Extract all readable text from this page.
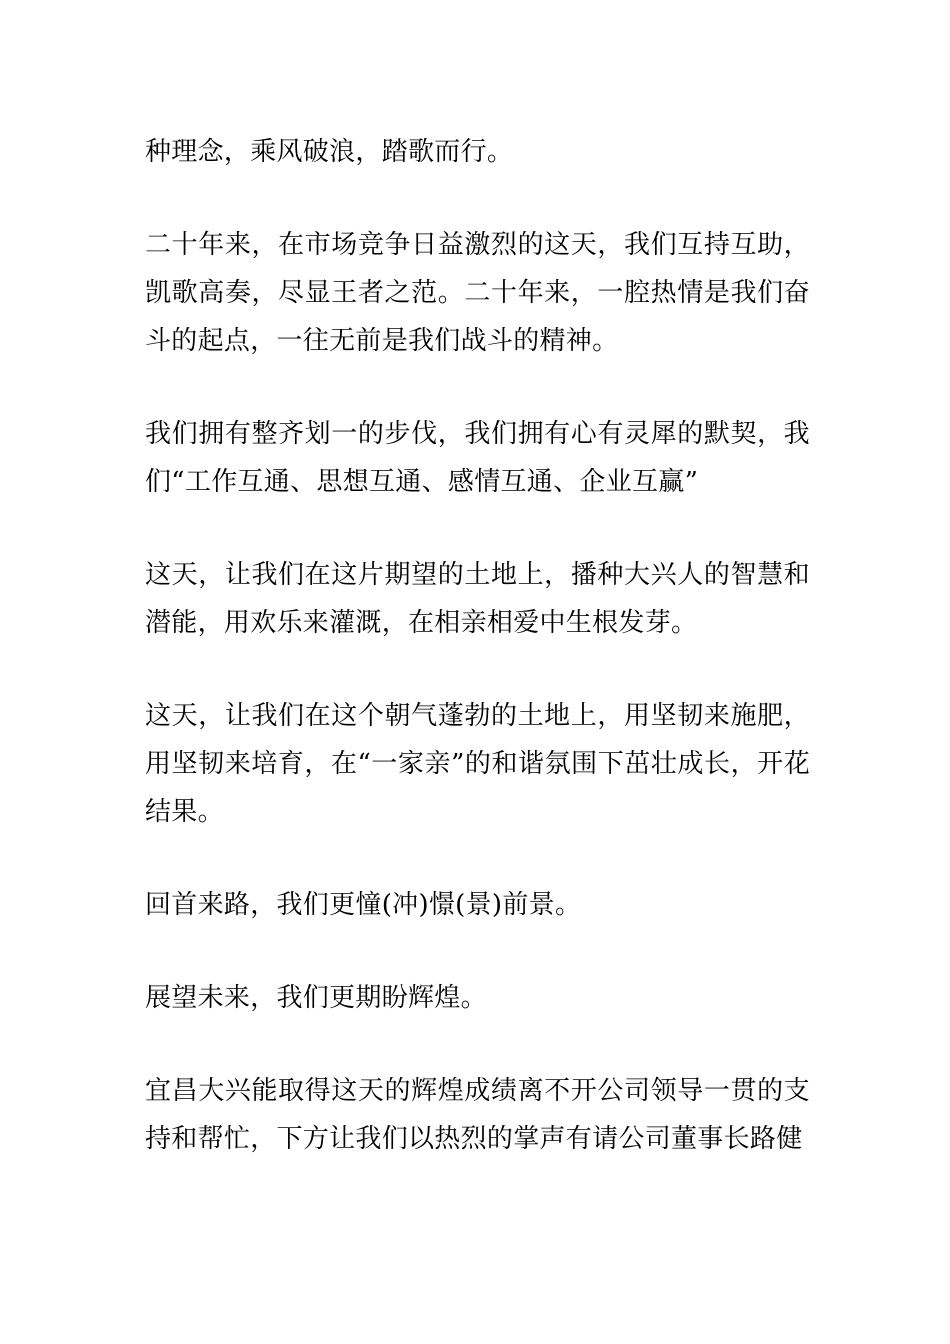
种理念，乘风破浪，踏歌而行。

二十年来，在市场竞争日益激烈的这天，我们互持互助，凯歌高奏，尽显王者之范。二十年来，一腔热情是我们奋斗的起点，一往无前是我们战斗的精神。

我们拥有整齐划一的步伐，我们拥有心有灵犀的默契，我们“工作互通、思想互通、感情互通、企业互赢”

这天，让我们在这片期望的土地上，播种大兴人的智慧和潜能，用欢乐来灌溉，在相亲相爱中生根发芽。

这天，让我们在这个朝气蓬勃的土地上，用坚韧来施肥，用坚韧来培育，在“一家亲”的和谐氛围下茁壮成长，开花结果。

回首来路，我们更憧(冲)憬(景)前景。

展望未来，我们更期盼辉煌。

宜昌大兴能取得这天的辉煌成绩离不开公司领导一贯的支持和帮忙，下方让我们以热烈的掌声有请公司董事长路健
